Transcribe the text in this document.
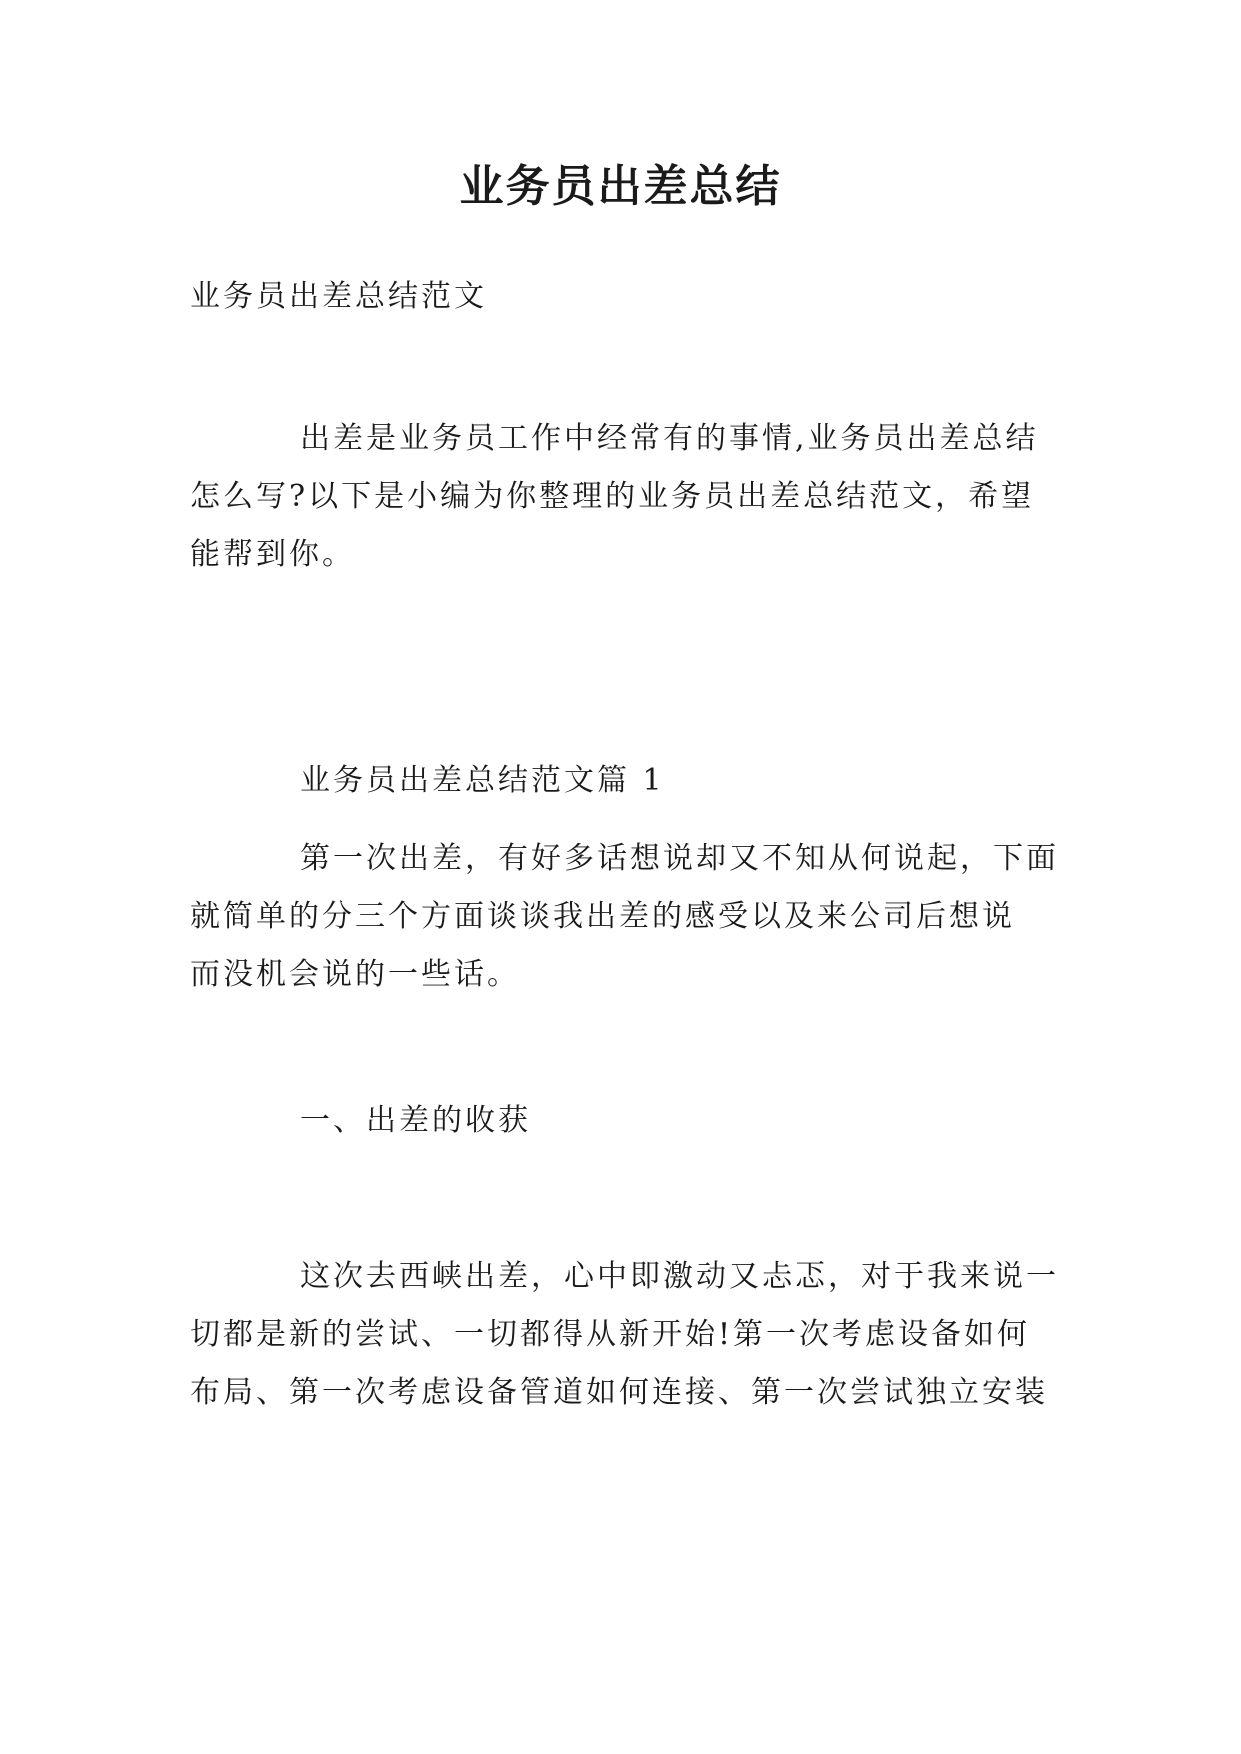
业务员出差总结
业务员出差总结范文
出差是业务员工作中经常有的事情,业务员出差总结
怎么写?以下是小编为你整理的业务员出差总结范文，希望
能帮到你。
业务员出差总结范文篇 1
第一次出差，有好多话想说却又不知从何说起，下面
就简单的分三个方面谈谈我出差的感受以及来公司后想说
而没机会说的一些话。
一、出差的收获
这次去西峡出差，心中即激动又忐忑，对于我来说一
切都是新的尝试、一切都得从新开始!第一次考虑设备如何
布局、第一次考虑设备管道如何连接、第一次尝试独立安装
